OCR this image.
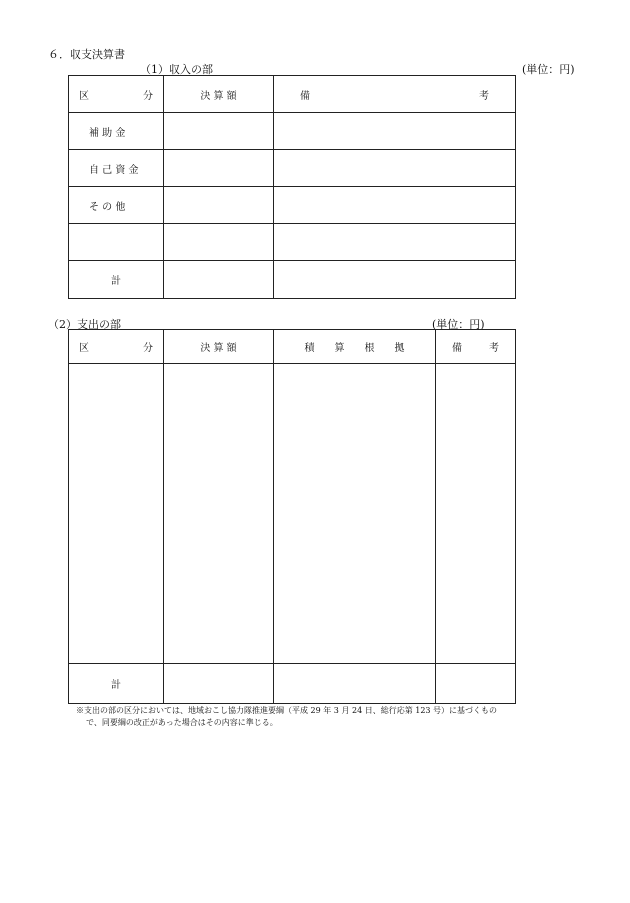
６．収支決算書
（1）収入の部	(単位：円)
区 分	決 算 額	備 考

補 助 金		
自 己 資 金		
そ の 他		

計		
（2）支出の部	(単位：円)
区 分	決 算 額	積　　算　　根　　拠	備 考

計			
※支出の部の区分においては、地域おこし協力隊推進要綱（平成 29 年 3 月 24 日、総行応第 123 号）に基づくもの
で、同要綱の改正があった場合はその内容に準じる。
